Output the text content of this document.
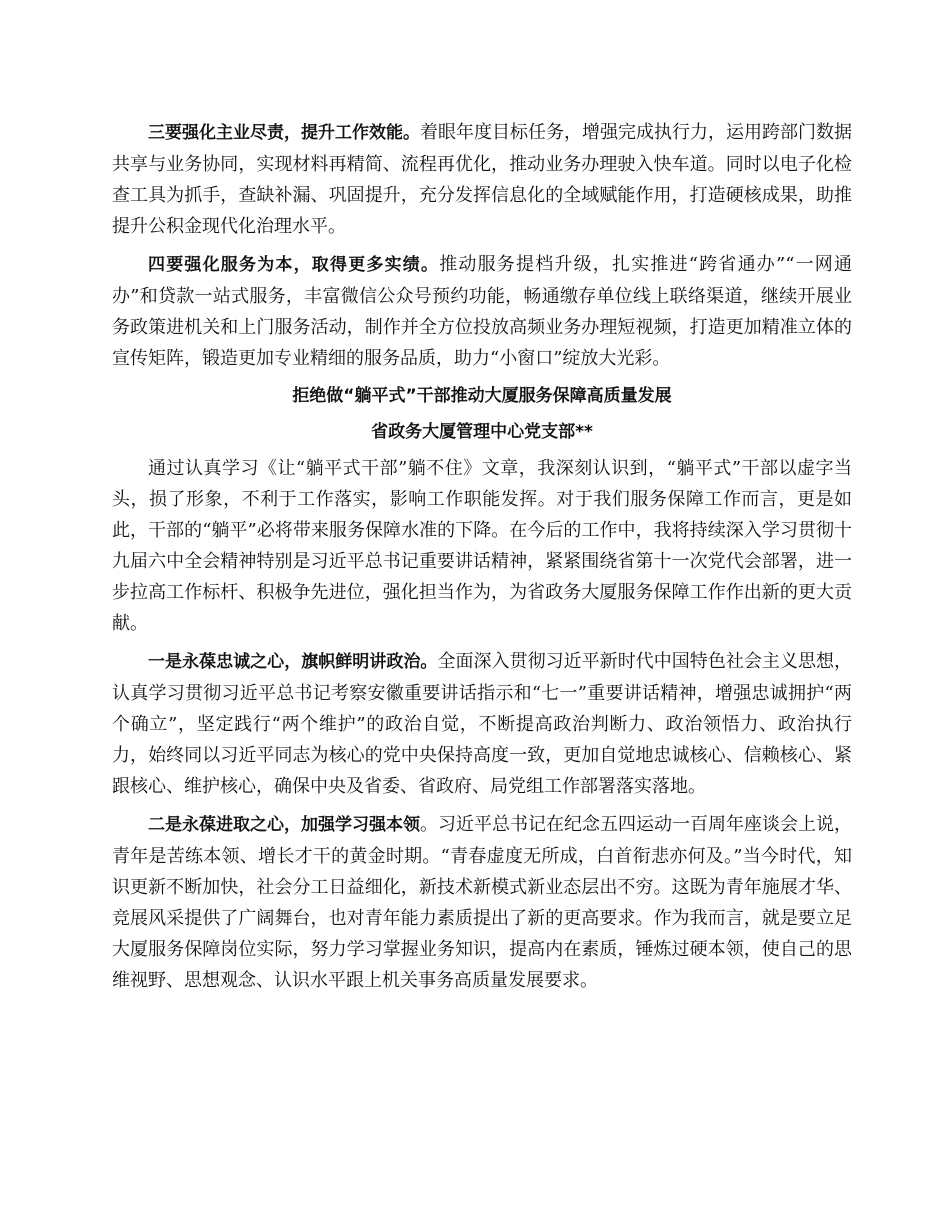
三要强化主业尽责，提升工作效能。着眼年度目标任务，增强完成执行力，运用跨部门数据共享与业务协同，实现材料再精简、流程再优化，推动业务办理驶入快车道。同时以电子化检查工具为抓手，查缺补漏、巩固提升，充分发挥信息化的全域赋能作用，打造硬核成果，助推提升公积金现代化治理水平。

四要强化服务为本，取得更多实绩。推动服务提档升级，扎实推进“跨省通办”“一网通办”和贷款一站式服务，丰富微信公众号预约功能，畅通缴存单位线上联络渠道，继续开展业务政策进机关和上门服务活动，制作并全方位投放高频业务办理短视频，打造更加精准立体的宣传矩阵，锻造更加专业精细的服务品质，助力“小窗口”绽放大光彩。

拒绝做“躺平式”干部推动大厦服务保障高质量发展
省政务大厦管理中心党支部**

通过认真学习《让“躺平式干部”躺不住》文章，我深刻认识到，“躺平式”干部以虚字当头，损了形象，不利于工作落实，影响工作职能发挥。对于我们服务保障工作而言，更是如此，干部的“躺平”必将带来服务保障水准的下降。在今后的工作中，我将持续深入学习贯彻十九届六中全会精神特别是习近平总书记重要讲话精神，紧紧围绕省第十一次党代会部署，进一步拉高工作标杆、积极争先进位，强化担当作为，为省政务大厦服务保障工作作出新的更大贡献。

一是永葆忠诚之心，旗帜鲜明讲政治。全面深入贯彻习近平新时代中国特色社会主义思想，认真学习贯彻习近平总书记考察安徽重要讲话指示和“七一”重要讲话精神，增强忠诚拥护“两个确立”，坚定践行“两个维护”的政治自觉，不断提高政治判断力、政治领悟力、政治执行力，始终同以习近平同志为核心的党中央保持高度一致，更加自觉地忠诚核心、信赖核心、紧跟核心、维护核心，确保中央及省委、省政府、局党组工作部署落实落地。

二是永葆进取之心，加强学习强本领。习近平总书记在纪念五四运动一百周年座谈会上说，青年是苦练本领、增长才干的黄金时期。“青春虚度无所成，白首衔悲亦何及。”当今时代，知识更新不断加快，社会分工日益细化，新技术新模式新业态层出不穷。这既为青年施展才华、竞展风采提供了广阔舞台，也对青年能力素质提出了新的更高要求。作为我而言，就是要立足大厦服务保障岗位实际，努力学习掌握业务知识，提高内在素质，锤炼过硬本领，使自己的思维视野、思想观念、认识水平跟上机关事务高质量发展要求。
